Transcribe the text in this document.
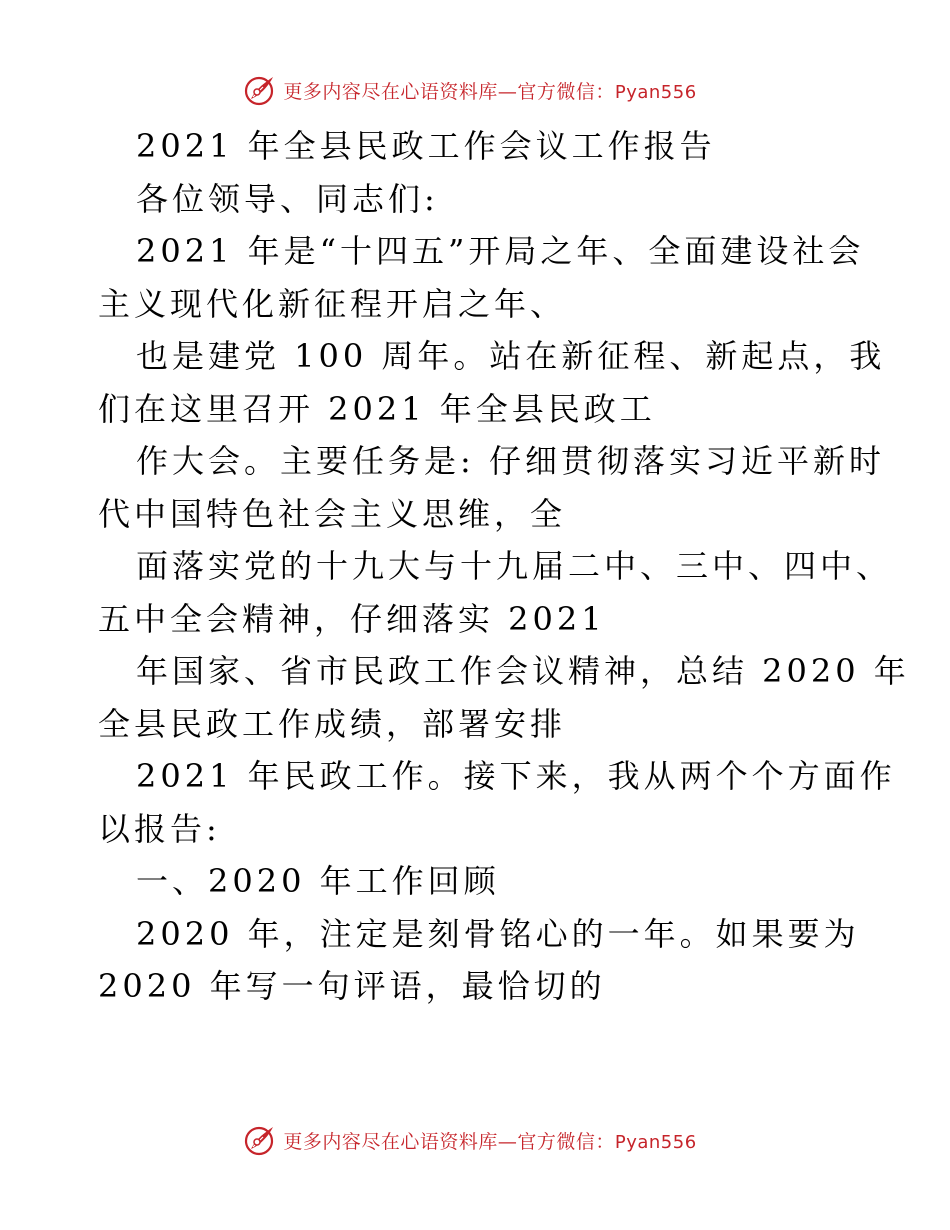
更多内容尽在心语资料库—官方微信：Pyan556
2021 年全县民政工作会议工作报告
各位领导、同志们:
2021 年是“十四五”开局之年、全面建设社会
主义现代化新征程开启之年、
也是建党 100 周年。站在新征程、新起点，我
们在这里召开 2021 年全县民政工
作大会。主要任务是: 仔细贯彻落实习近平新时
代中国特色社会主义思维，全
面落实党的十九大与十九届二中、三中、四中、
五中全会精神，仔细落实 2021
年国家、省市民政工作会议精神，总结 2020 年
全县民政工作成绩，部署安排
2021 年民政工作。接下来，我从两个个方面作
以报告:
一、2020 年工作回顾
2020 年，注定是刻骨铭心的一年。如果要为
2020 年写一句评语，最恰切的
更多内容尽在心语资料库—官方微信：Pyan556
